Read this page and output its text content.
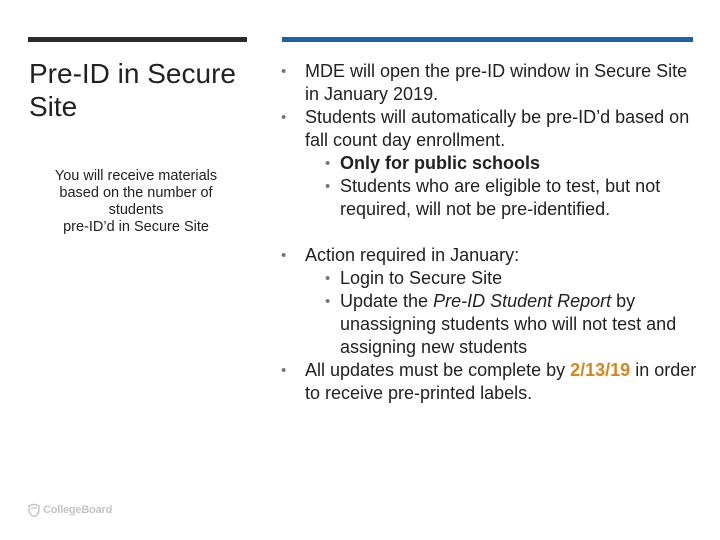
Pre-ID in Secure Site

You will receive materials
based on the number of
students
pre-ID’d in Secure Site

• MDE will open the pre-ID window in Secure Site in January 2019.
• Students will automatically be pre-ID’d based on fall count day enrollment.
• Only for public schools
• Students who are eligible to test, but not required, will not be pre-identified.
• Action required in January:
• Login to Secure Site
• Update the Pre-ID Student Report by unassigning students who will not test and assigning new students
• All updates must be complete by 2/13/19 in order to receive pre-printed labels.
CollegeBoard
